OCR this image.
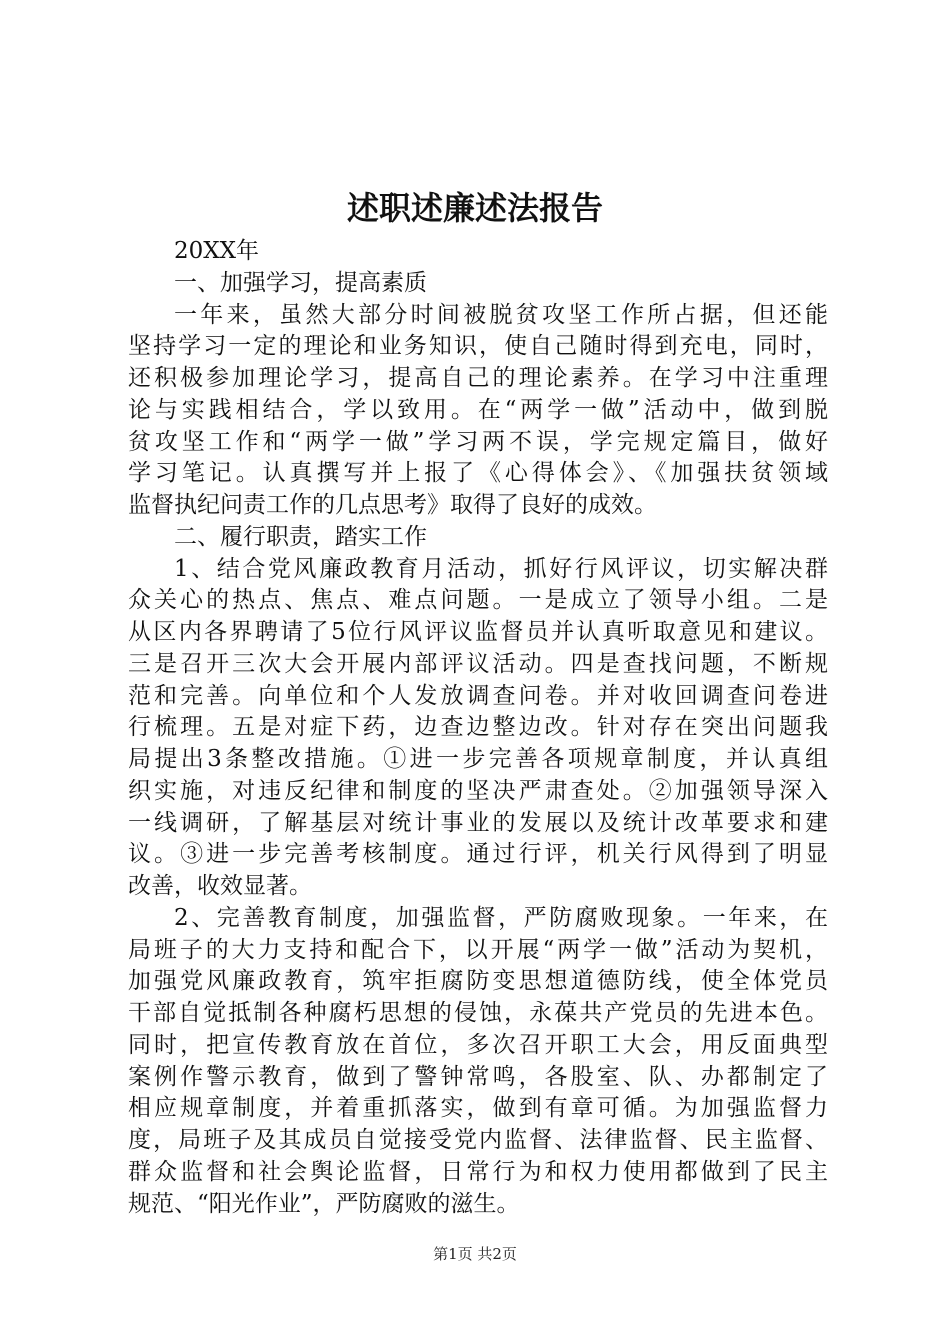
述职述廉述法报告
20XX年
一、加强学习，提高素质
一年来，虽然大部分时间被脱贫攻坚工作所占据，但还能
坚持学习一定的理论和业务知识，使自己随时得到充电，同时，
还积极参加理论学习，提高自己的理论素养。在学习中注重理
论与实践相结合，学以致用。在“两学一做”活动中，做到脱
贫攻坚工作和“两学一做”学习两不误，学完规定篇目，做好
学习笔记。认真撰写并上报了《心得体会》、《加强扶贫领域
监督执纪问责工作的几点思考》取得了良好的成效。
二、履行职责，踏实工作
1、结合党风廉政教育月活动，抓好行风评议，切实解决群
众关心的热点、焦点、难点问题。一是成立了领导小组。二是
从区内各界聘请了5位行风评议监督员并认真听取意见和建议。
三是召开三次大会开展内部评议活动。四是查找问题，不断规
范和完善。向单位和个人发放调查问卷。并对收回调查问卷进
行梳理。五是对症下药，边查边整边改。针对存在突出问题我
局提出3条整改措施。①进一步完善各项规章制度，并认真组
织实施，对违反纪律和制度的坚决严肃查处。②加强领导深入
一线调研，了解基层对统计事业的发展以及统计改革要求和建
议。③进一步完善考核制度。通过行评，机关行风得到了明显
改善，收效显著。
2、完善教育制度，加强监督，严防腐败现象。一年来，在
局班子的大力支持和配合下，以开展“两学一做”活动为契机，
加强党风廉政教育，筑牢拒腐防变思想道德防线，使全体党员
干部自觉抵制各种腐朽思想的侵蚀，永葆共产党员的先进本色。
同时，把宣传教育放在首位，多次召开职工大会，用反面典型
案例作警示教育，做到了警钟常鸣，各股室、队、办都制定了
相应规章制度，并着重抓落实，做到有章可循。为加强监督力
度，局班子及其成员自觉接受党内监督、法律监督、民主监督、
群众监督和社会舆论监督，日常行为和权力使用都做到了民主
规范、“阳光作业”，严防腐败的滋生。
第1页 共2页
